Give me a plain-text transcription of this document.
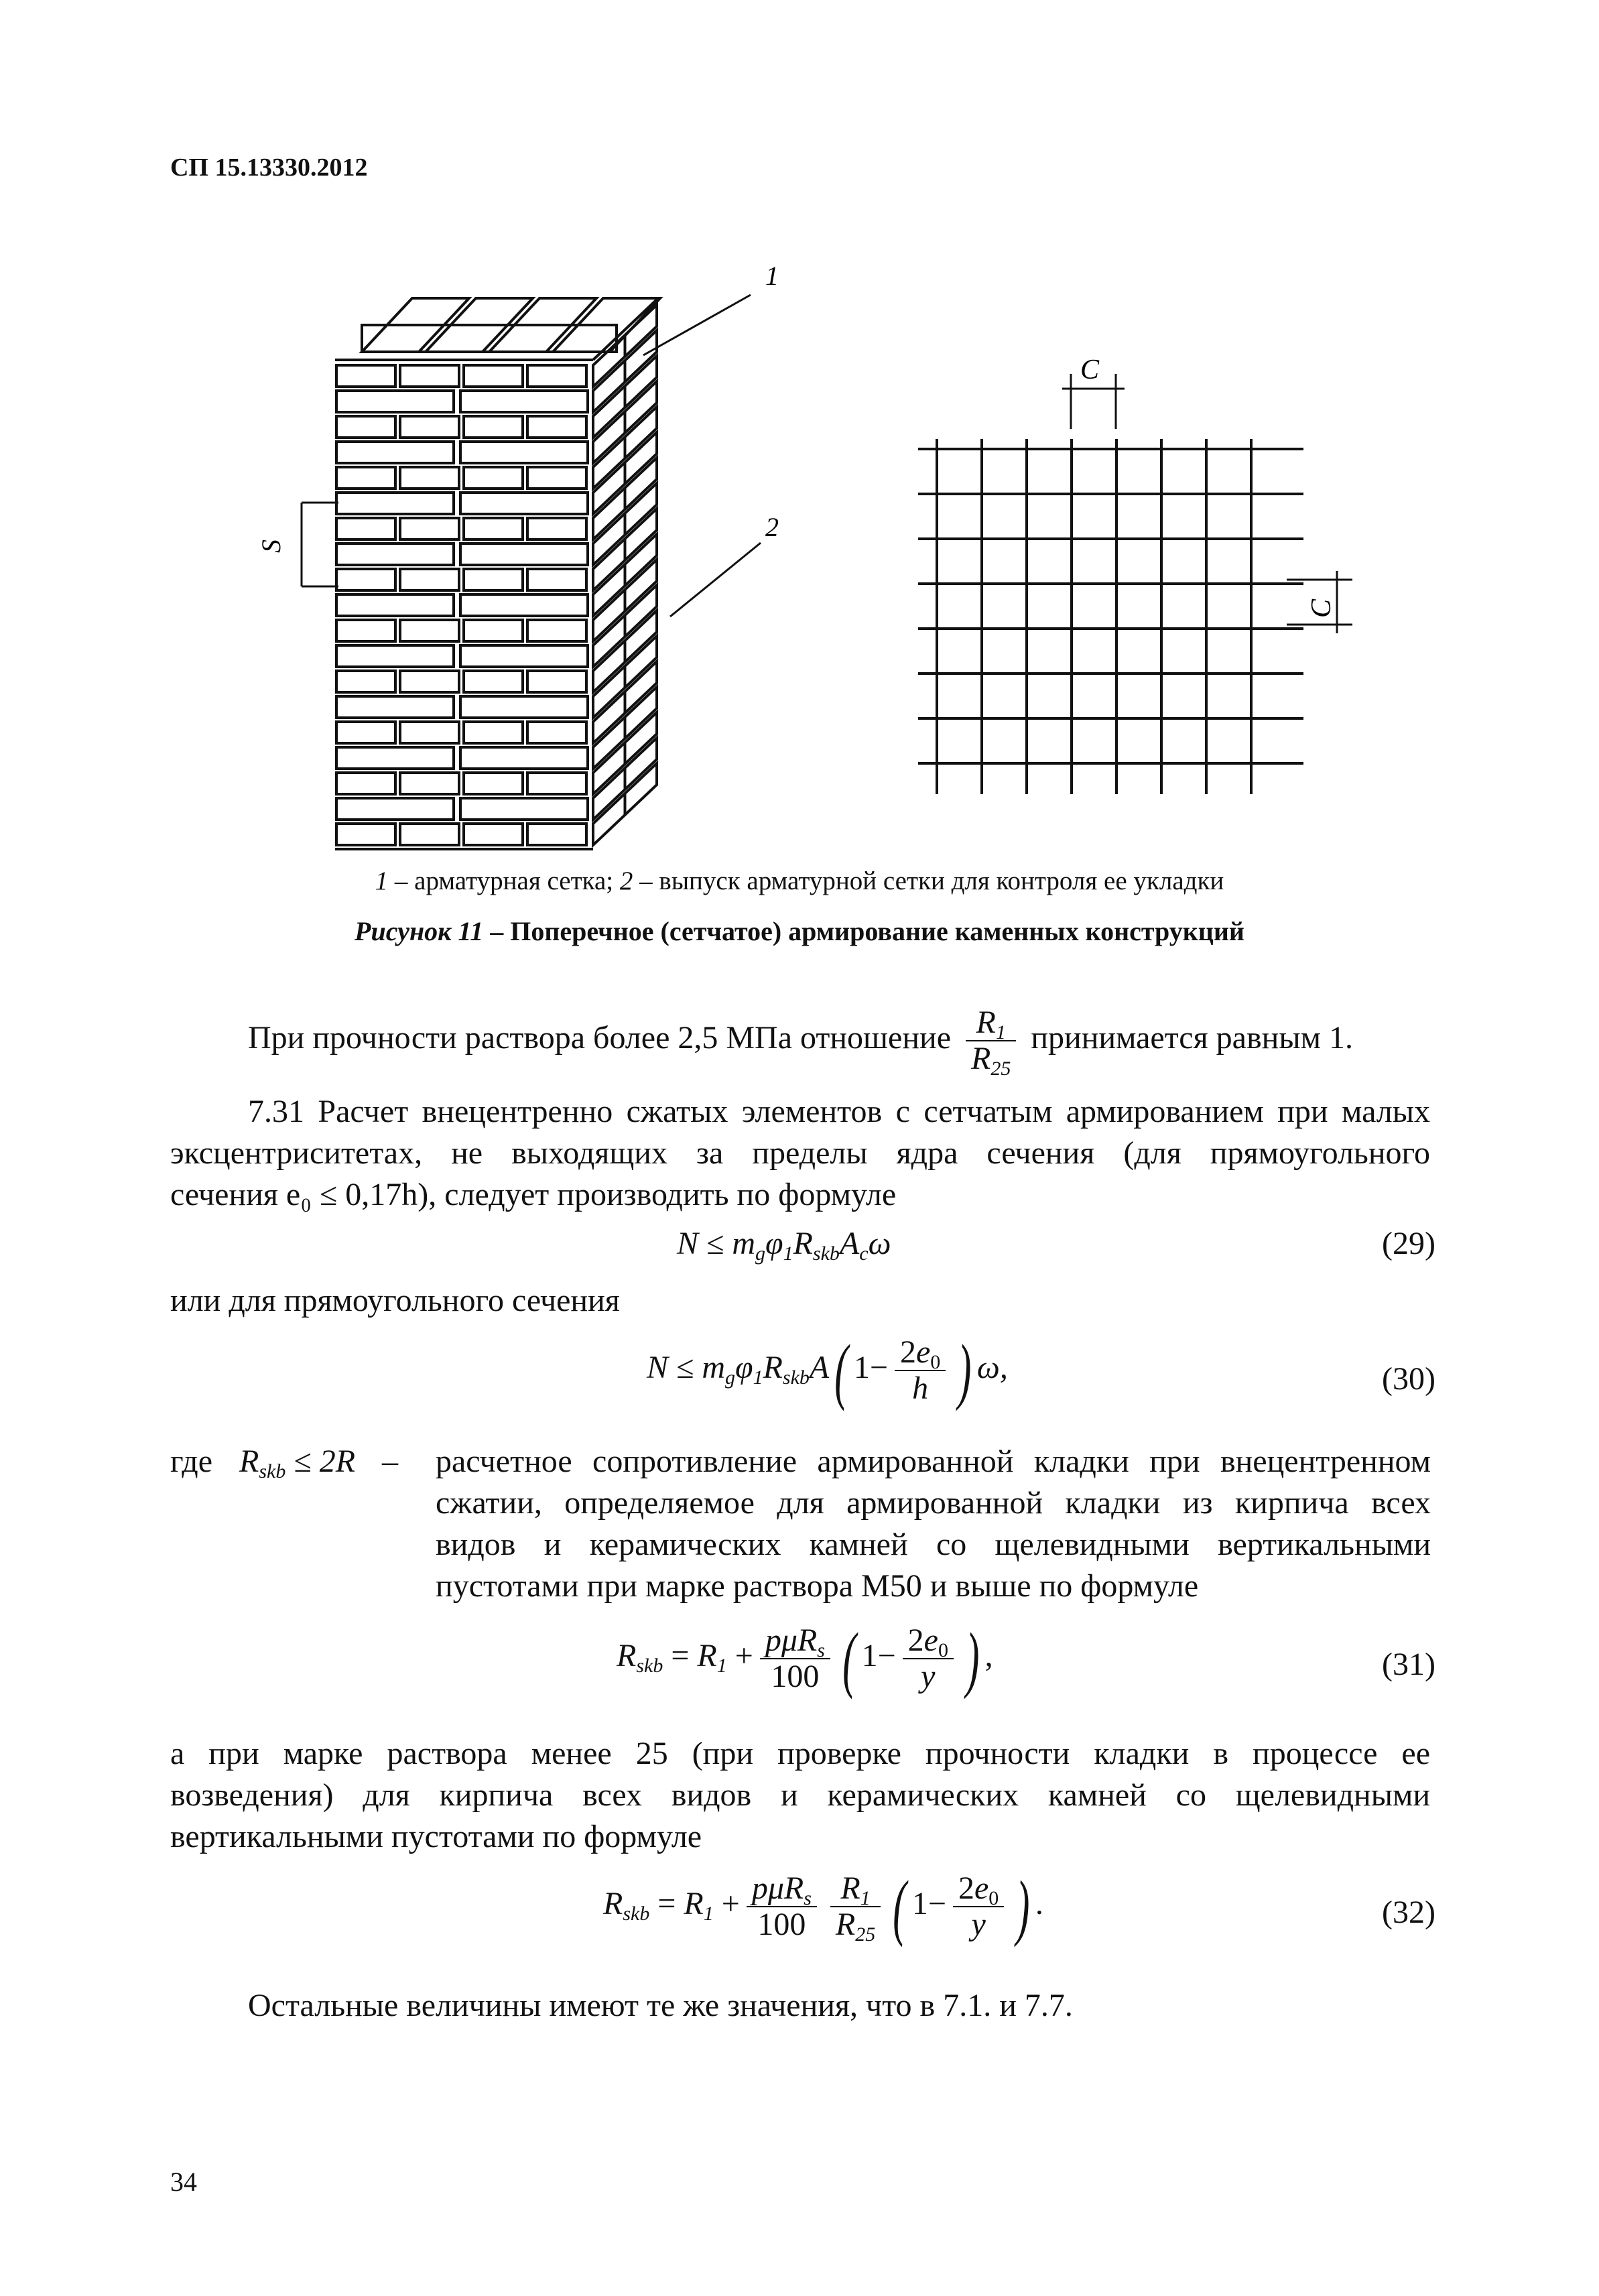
СП 15.13330.2012
S
1
2
C
C
1 – арматурная сетка; 2 – выпуск арматурной сетки для контроля ее укладки
Рисунок 11 – Поперечное (сетчатое) армирование каменных конструкций
При прочности раствора более 2,5 МПа отношение $\frac{R_1}{R_{25}}$ принимается равным 1.
7.31 Расчет внецентренно сжатых элементов с сетчатым армированием при малых
эксцентриситетах, не выходящих за пределы ядра сечения (для прямоугольного
сечения e₀ ≤ 0,17h), следует производить по формуле
$N \le m_g\varphi_1R_{skb}A_c\omega$	(29)
или для прямоугольного сечения
$N \le m_g\varphi_1R_{skb}A$( $1- \frac{2e_0}{h}$ ) ω,	(30)
где $R_{skb} \le 2R$ – расчетное сопротивление армированной кладки при внецентренном
сжатии, определяемое для армированной кладки из кирпича всех
видов и керамических камней со щелевидными вертикальными
пустотами при марке раствора М50 и выше по формуле
$R_{skb} = R_1 + p\mu R_s$
100 ( $1- \frac{2e_0}{y}$ ) ,	(31)
а при марке раствора менее 25 (при проверке прочности кладки в процессе ее
возведения) для кирпича всех видов и керамических камней со щелевидными
вертикальными пустотами по формуле
$R_{skb} = R_1 + p\mu R_s$
$100 \frac{R_1}{R_{25}}$ ( $1- \frac{2e_0}{y}$ ) .	(32)
Остальные величины имеют те же значения, что в 7.1. и 7.7.
34
